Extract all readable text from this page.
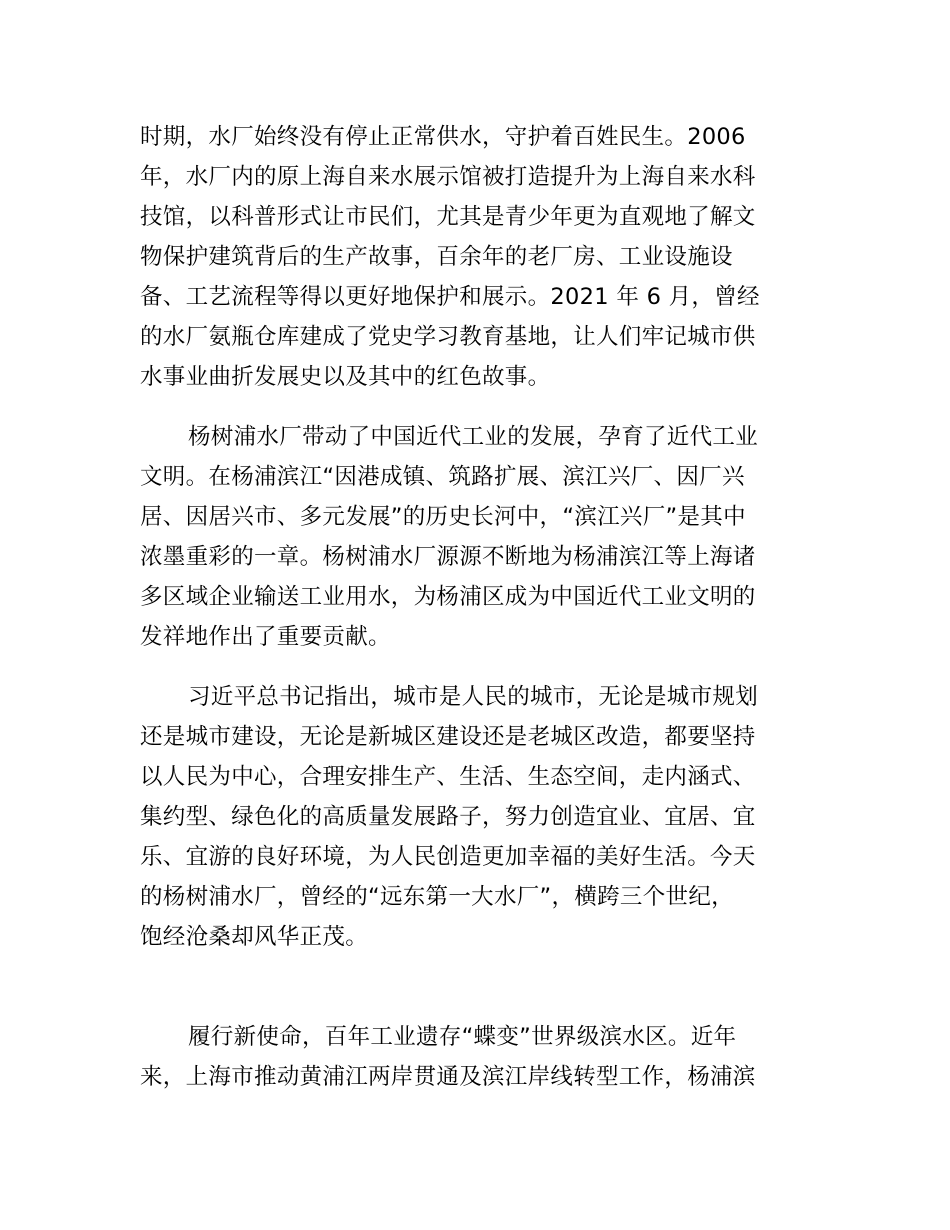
时期，水厂始终没有停止正常供水，守护着百姓民生。2006
年，水厂内的原上海自来水展示馆被打造提升为上海自来水科
技馆，以科普形式让市民们，尤其是青少年更为直观地了解文
物保护建筑背后的生产故事，百余年的老厂房、工业设施设
备、工艺流程等得以更好地保护和展示。2021 年 6 月，曾经
的水厂氨瓶仓库建成了党史学习教育基地，让人们牢记城市供
水事业曲折发展史以及其中的红色故事。
杨树浦水厂带动了中国近代工业的发展，孕育了近代工业
文明。在杨浦滨江“因港成镇、筑路扩展、滨江兴厂、因厂兴
居、因居兴市、多元发展”的历史长河中，“滨江兴厂”是其中
浓墨重彩的一章。杨树浦水厂源源不断地为杨浦滨江等上海诸
多区域企业输送工业用水，为杨浦区成为中国近代工业文明的
发祥地作出了重要贡献。
习近平总书记指出，城市是人民的城市，无论是城市规划
还是城市建设，无论是新城区建设还是老城区改造，都要坚持
以人民为中心，合理安排生产、生活、生态空间，走内涵式、
集约型、绿色化的高质量发展路子，努力创造宜业、宜居、宜
乐、宜游的良好环境，为人民创造更加幸福的美好生活。今天
的杨树浦水厂，曾经的“远东第一大水厂”，横跨三个世纪，
饱经沧桑却风华正茂。
履行新使命，百年工业遗存“蝶变”世界级滨水区。近年
来，上海市推动黄浦江两岸贯通及滨江岸线转型工作，杨浦滨
